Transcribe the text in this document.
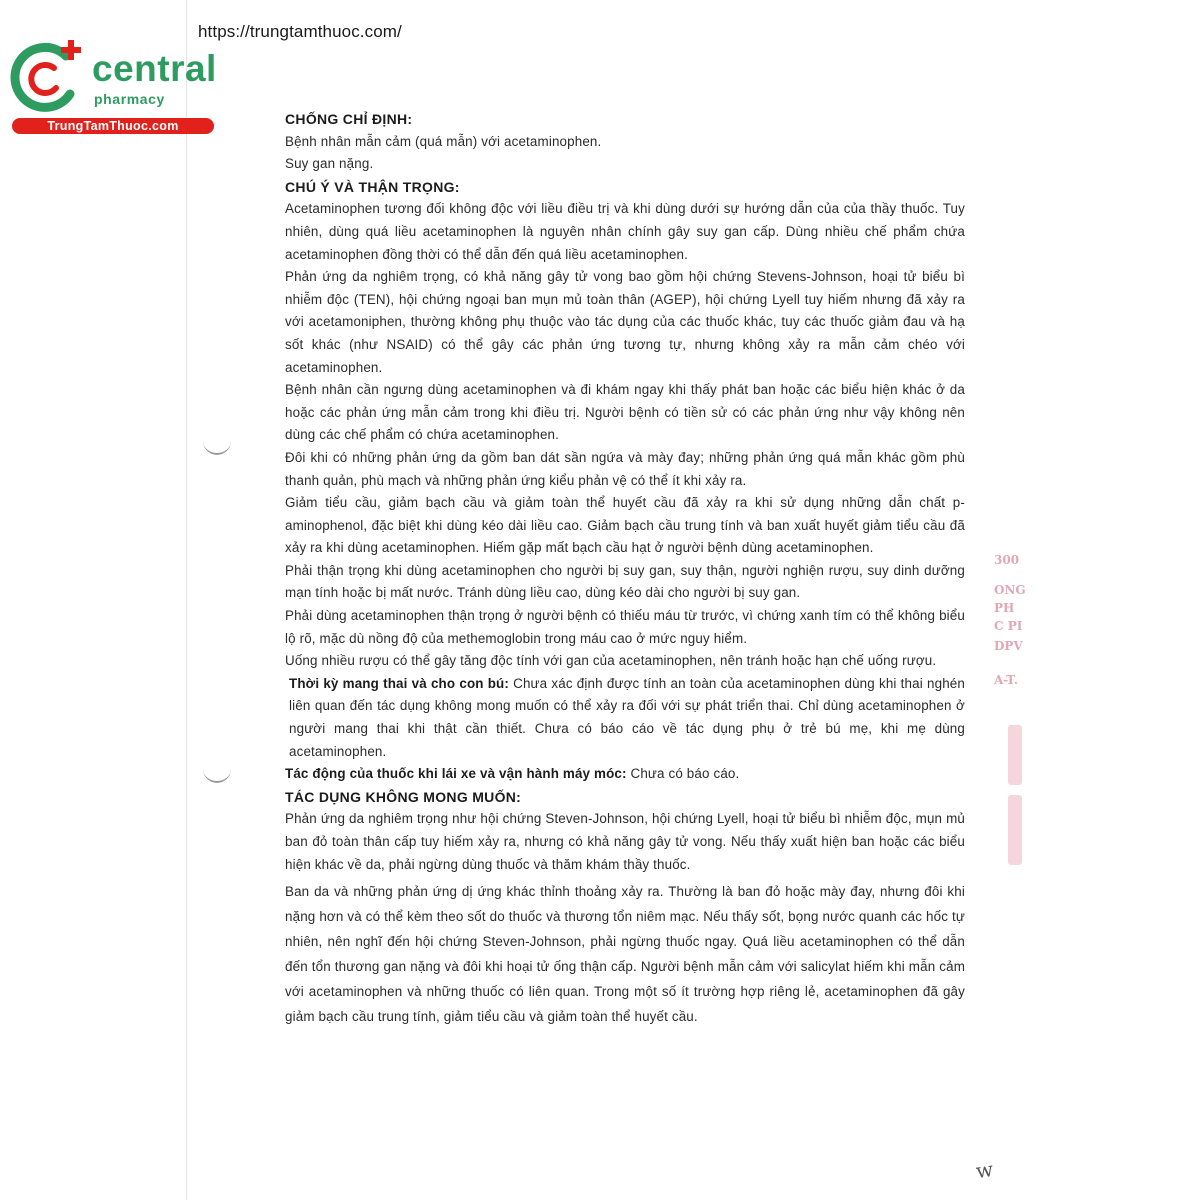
https://trungtamthuoc.com/
central
pharmacy
TrungTamThuoc.com	CHỐNG CHỈ ĐỊNH:

Bệnh nhân mẫn cảm (quá mẫn) với acetaminophen.

Suy gan nặng.

CHÚ Ý VÀ THẬN TRỌNG:

Acetaminophen tương đối không độc với liều điều trị và khi dùng dưới sự hướng dẫn của của thầy thuốc. Tuy nhiên, dùng quá liều acetaminophen là nguyên nhân chính gây suy gan cấp. Dùng nhiều chế phẩm chứa acetaminophen đồng thời có thể dẫn đến quá liều acetaminophen.

Phản ứng da nghiêm trọng, có khả năng gây tử vong bao gồm hội chứng Stevens-Johnson, hoại tử biểu bì nhiễm độc (TEN), hội chứng ngoại ban mụn mủ toàn thân (AGEP), hội chứng Lyell tuy hiếm nhưng đã xảy ra với acetamoniphen, thường không phụ thuộc vào tác dụng của các thuốc khác, tuy các thuốc giảm đau và hạ sốt khác (như NSAID) có thể gây các phản ứng tương tự, nhưng không xảy ra mẫn cảm chéo với acetaminophen.

Bệnh nhân cần ngưng dùng acetaminophen và đi khám ngay khi thấy phát ban hoặc các biểu hiện khác ở da hoặc các phản ứng mẫn cảm trong khi điều trị. Người bệnh có tiền sử có các phản ứng như vậy không nên dùng các chế phẩm có chứa acetaminophen.

Đôi khi có những phản ứng da gồm ban dát sần ngứa và mày đay; những phản ứng quá mẫn khác gồm phù thanh quản, phù mạch và những phản ứng kiểu phản vệ có thể ít khi xảy ra.

Giảm tiểu cầu, giảm bạch cầu và giảm toàn thể huyết cầu đã xảy ra khi sử dụng những dẫn chất p-aminophenol, đặc biệt khi dùng kéo dài liều cao. Giảm bạch cầu trung tính và ban xuất huyết giảm tiểu cầu đã xảy ra khi dùng acetaminophen. Hiếm gặp mất bạch cầu hạt ở người bệnh dùng acetaminophen.

Phải thận trọng khi dùng acetaminophen cho người bị suy gan, suy thận, người nghiện rượu, suy dinh dưỡng mạn tính hoặc bị mất nước. Tránh dùng liều cao, dùng kéo dài cho người bị suy gan.

Phải dùng acetaminophen thận trọng ở người bệnh có thiếu máu từ trước, vì chứng xanh tím có thể không biểu lộ rõ, mặc dù nồng độ của methemoglobin trong máu cao ở mức nguy hiểm.

Uống nhiều rượu có thể gây tăng độc tính với gan của acetaminophen, nên tránh hoặc hạn chế uống rượu.

Thời kỳ mang thai và cho con bú: Chưa xác định được tính an toàn của acetaminophen dùng khi thai nghén liên quan đến tác dụng không mong muốn có thể xảy ra đối với sự phát triển thai. Chỉ dùng acetaminophen ở người mang thai khi thật cần thiết. Chưa có báo cáo về tác dụng phụ ở trẻ bú mẹ, khi mẹ dùng acetaminophen.

Tác động của thuốc khi lái xe và vận hành máy móc: Chưa có báo cáo.

TÁC DỤNG KHÔNG MONG MUỐN:

Phản ứng da nghiêm trọng như hội chứng Steven-Johnson, hội chứng Lyell, hoại tử biểu bì nhiễm độc, mụn mủ ban đỏ toàn thân cấp tuy hiếm xảy ra, nhưng có khả năng gây tử vong. Nếu thấy xuất hiện ban hoặc các biểu hiện khác về da, phải ngừng dùng thuốc và thăm khám thầy thuốc.

Ban da và những phản ứng dị ứng khác thỉnh thoảng xảy ra. Thường là ban đỏ hoặc mày đay, nhưng đôi khi nặng hơn và có thể kèm theo sốt do thuốc và thương tổn niêm mạc. Nếu thấy sốt, bọng nước quanh các hốc tự nhiên, nên nghĩ đến hội chứng Steven-Johnson, phải ngừng thuốc ngay. Quá liều acetaminophen có thể dẫn đến tổn thương gan nặng và đôi khi hoại tử ống thận cấp. Người bệnh mẫn cảm với salicylat hiếm khi mẫn cảm với acetaminophen và những thuốc có liên quan. Trong một số ít trường hợp riêng lẻ, acetaminophen đã gây giảm bạch cầu trung tính, giảm tiểu cầu và giảm toàn thể huyết cầu.

300
ONG
PH
C PI
DPV
A-T.
w
